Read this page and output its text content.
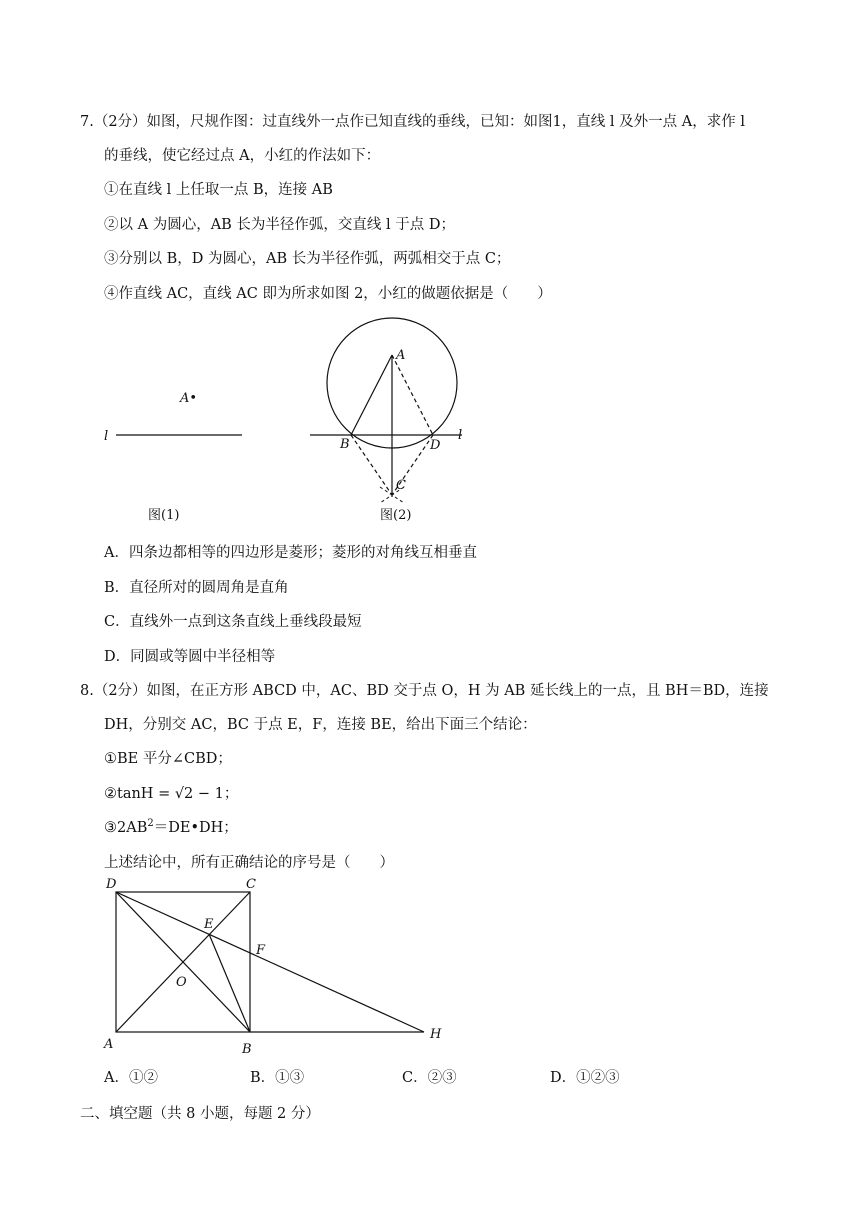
7.（2分）如图，尺规作图：过直线外一点作已知直线的垂线，已知：如图1，直线 l 及外一点 A，求作 l
的垂线，使它经过点 A，小红的作法如下：
①在直线 l 上任取一点 B，连接 AB
②以 A 为圆心，AB 长为半径作弧，交直线 l 于点 D；
③分别以 B，D 为圆心，AB 长为半径作弧，两弧相交于点 C；
④作直线 AC，直线 AC 即为所求如图 2，小红的做题依据是（　　）
l
A•
图(1)
A
B	D
C
l
图(2)
A．四条边都相等的四边形是菱形；菱形的对角线互相垂直
B．直径所对的圆周角是直角
C．直线外一点到这条直线上垂线段最短
D．同圆或等圆中半径相等
8.（2分）如图，在正方形 ABCD 中，AC、BD 交于点 O，H 为 AB 延长线上的一点，且 BH＝BD，连接
DH，分别交 AC，BC 于点 E，F，连接 BE，给出下面三个结论：
①BE 平分∠CBD；
②tanH = √2 − 1；
$③2AB^2=DE•DH$；
上述结论中，所有正确结论的序号是（　　）
D	C
E
F
O
A	B
H
A．①②	B．①③	C．②③	D．①②③
二、填空题（共 8 小题，每题 2 分）
